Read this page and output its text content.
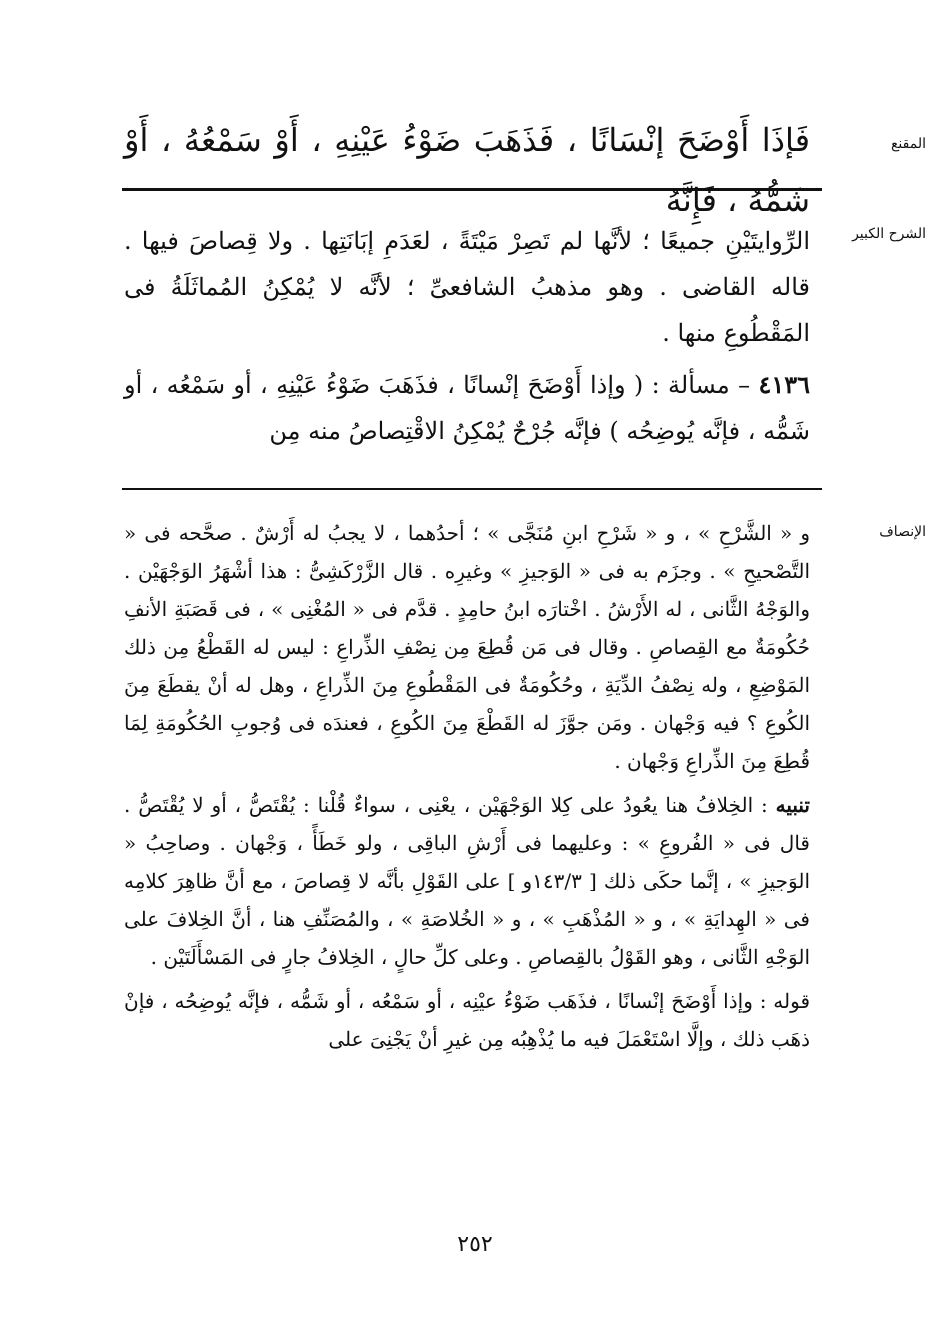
المقنع

فَإذَا أَوْضَحَ إنْسَانًا ، فَذَهَبَ ضَوْءُ عَيْنِهِ ، أَوْ سَمْعُهُ ، أَوْ شَمُّهُ ، فَإِنَّهُ

الشرح الكبير

الرِّوايتَيْنِ جميعًا ؛ لأنَّها لم تَصِرْ مَيْتَةً ، لعَدَمِ إبَانَتِها . ولا قِصاصَ فيها . قاله القاضى . وهو مذهبُ الشافعىِّ ؛ لأنَّه لا يُمْكِنُ المُماثَلَةُ فى المَقْطُوعِ منها .

٤١٣٦ – مسألة : ( وإذا أَوْضَحَ إنْسانًا ، فذَهَبَ ضَوْءُ عَيْنِهِ ، أو سَمْعُه ، أو شَمُّه ، فإنَّه يُوضِحُه ) فإنَّه جُرْحٌ يُمْكِنُ الاقْتِصاصُ منه مِن

الإنصاف

و « الشَّرْحِ » ، و « شَرْحِ ابنِ مُنَجَّى » ؛ أحدُهما ، لا يجبُ له أَرْشٌ . صحَّحه فى « التَّصْحيحِ » . وجزَم به فى « الوَجيزِ » وغيرِه . قال الزَّرْكَشِىُّ : هذا أشْهَرُ الوَجْهَيْن . والوَجْهُ الثَّانى ، له الأَرْشُ . اخْتارَه ابنُ حامِدٍ . قدَّم فى « المُغْنِى » ، فى قَصَبَةِ الأنفِ حُكُومَةٌ مع القِصاصِ . وقال فى مَن قُطِعَ مِن نِصْفِ الذِّراعِ : ليس له القَطْعُ مِن ذلك المَوْضِعِ ، وله نِصْفُ الدِّيَةِ ، وحُكُومَةٌ فى المَقْطُوعِ مِنَ الذِّراعِ ، وهل له أنْ يقطَعَ مِنَ الكُوعِ ؟ فيه وَجْهان . ومَن جوَّزَ له القَطْعَ مِنَ الكُوعِ ، فعندَه فى وُجوبِ الحُكُومَةِ لِمَا قُطِعَ مِنَ الذِّراعِ وَجْهان .

تنبيه : الخِلافُ هنا يعُودُ على كِلا الوَجْهَيْن ، يعْنِى ، سواءٌ قُلْنا : يُقْتَصُّ ، أو لا يُقْتَصُّ . قال فى « الفُروعِ » : وعليهما فى أَرْشِ الباقِى ، ولو خَطَأً ، وَجْهان . وصاحِبُ « الوَجيزِ » ، إنَّما حكَى ذلك [ ١٤٣/٣و ] على القَوْلِ بأنَّه لا قِصاصَ ، مع أنَّ ظاهِرَ كلامِه فى « الهِدايَةِ » ، و « المُذْهَبِ » ، و « الخُلاصَةِ » ، والمُصَنِّفِ هنا ، أنَّ الخِلافَ على الوَجْهِ الثَّانى ، وهو القَوْلُ بالقِصاصِ . وعلى كلِّ حالٍ ، الخِلافُ جارٍ فى المَسْأَلَتَيْن .

قوله : وإذا أَوْضَحَ إنْسانًا ، فذَهَب ضَوْءُ عيْنِه ، أو سَمْعُه ، أو شَمُّه ، فإنَّه يُوضِحُه ، فإنْ ذهَب ذلك ، وإلَّا اسْتَعْمَلَ فيه ما يُذْهِبُه مِن غيرِ أنْ يَجْنِىَ على

٢٥٢
